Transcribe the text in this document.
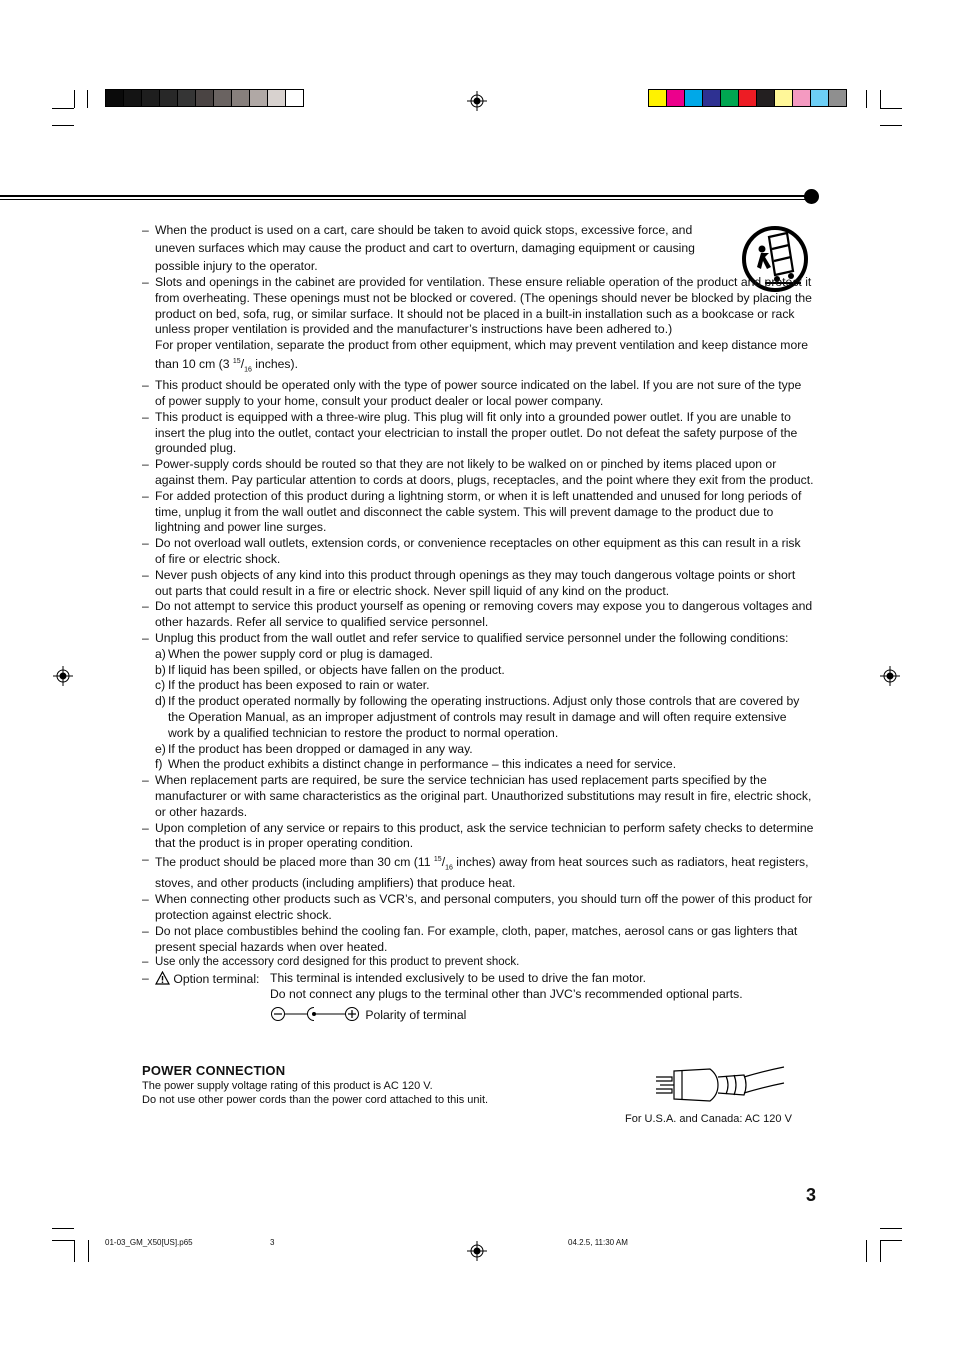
– When the product is used on a cart, care should be taken to avoid quick stops, excessive force, and uneven surfaces which may cause the product and cart to overturn, damaging equipment or causing possible injury to the operator.

– Slots and openings in the cabinet are provided for ventilation. These ensure reliable operation of the product and protect it from overheating. These openings must not be blocked or covered. (The openings should never be blocked by placing the product on bed, sofa, rug, or similar surface. It should not be placed in a built-in installation such as a bookcase or rack unless proper ventilation is provided and the manufacturer’s instructions have been adhered to.)

For proper ventilation, separate the product from other equipment, which may prevent ventilation and keep distance more than 10 cm (3 $^{15}/_{16}$ inches).

– This product should be operated only with the type of power source indicated on the label. If you are not sure of the type of power supply to your home, consult your product dealer or local power company.

– This product is equipped with a three-wire plug. This plug will fit only into a grounded power outlet. If you are unable to insert the plug into the outlet, contact your electrician to install the proper outlet. Do not defeat the safety purpose of the grounded plug.

– Power-supply cords should be routed so that they are not likely to be walked on or pinched by items placed upon or against them. Pay particular attention to cords at doors, plugs, receptacles, and the point where they exit from the product.

– For added protection of this product during a lightning storm, or when it is left unattended and unused for long periods of time, unplug it from the wall outlet and disconnect the cable system. This will prevent damage to the product due to lightning and power line surges.

– Do not overload wall outlets, extension cords, or convenience receptacles on other equipment as this can result in a risk of fire or electric shock.

– Never push objects of any kind into this product through openings as they may touch dangerous voltage points or short out parts that could result in a fire or electric shock. Never spill liquid of any kind on the product.

– Do not attempt to service this product yourself as opening or removing covers may expose you to dangerous voltages and other hazards. Refer all service to qualified service personnel.

– Unplug this product from the wall outlet and refer service to qualified service personnel under the following conditions:

a) When the power supply cord or plug is damaged.
b) If liquid has been spilled, or objects have fallen on the product.
c) If the product has been exposed to rain or water.
d) If the product operated normally by following the operating instructions. Adjust only those controls that are covered by the Operation Manual, as an improper adjustment of controls may result in damage and will often require extensive work by a qualified technician to restore the product to normal operation.
e) If the product has been dropped or damaged in any way.
f) When the product exhibits a distinct change in performance – this indicates a need for service.
– When replacement parts are required, be sure the service technician has used replacement parts specified by the manufacturer or with same characteristics as the original part. Unauthorized substitutions may result in fire, electric shock, or other hazards.

– Upon completion of any service or repairs to this product, ask the service technician to perform safety checks to determine that the product is in proper operating condition.

– The product should be placed more than 30 cm (11 $^{15}/_{16}$ inches) away from heat sources such as radiators, heat registers, stoves, and other products (including amplifiers) that produce heat.

– When connecting other products such as VCR’s, and personal computers, you should turn off the power of this product for protection against electric shock.

– Do not place combustibles behind the cooling fan. For example, cloth, paper, matches, aerosol cans or gas lighters that present special hazards when over heated.

– Use only the accessory cord designed for this product to prevent shock.

–	Option terminal: This terminal is intended exclusively to be used to drive the fan motor.
Do not connect any plugs to the terminal other than JVC’s recommended optional parts.
Polarity of terminal
POWER CONNECTION
The power supply voltage rating of this product is AC 120 V.
Do not use other power cords than the power cord attached to this unit.
For U.S.A. and Canada: AC 120 V
3
01-03_GM_X50[US].p65	3	04.2.5, 11:30 AM
